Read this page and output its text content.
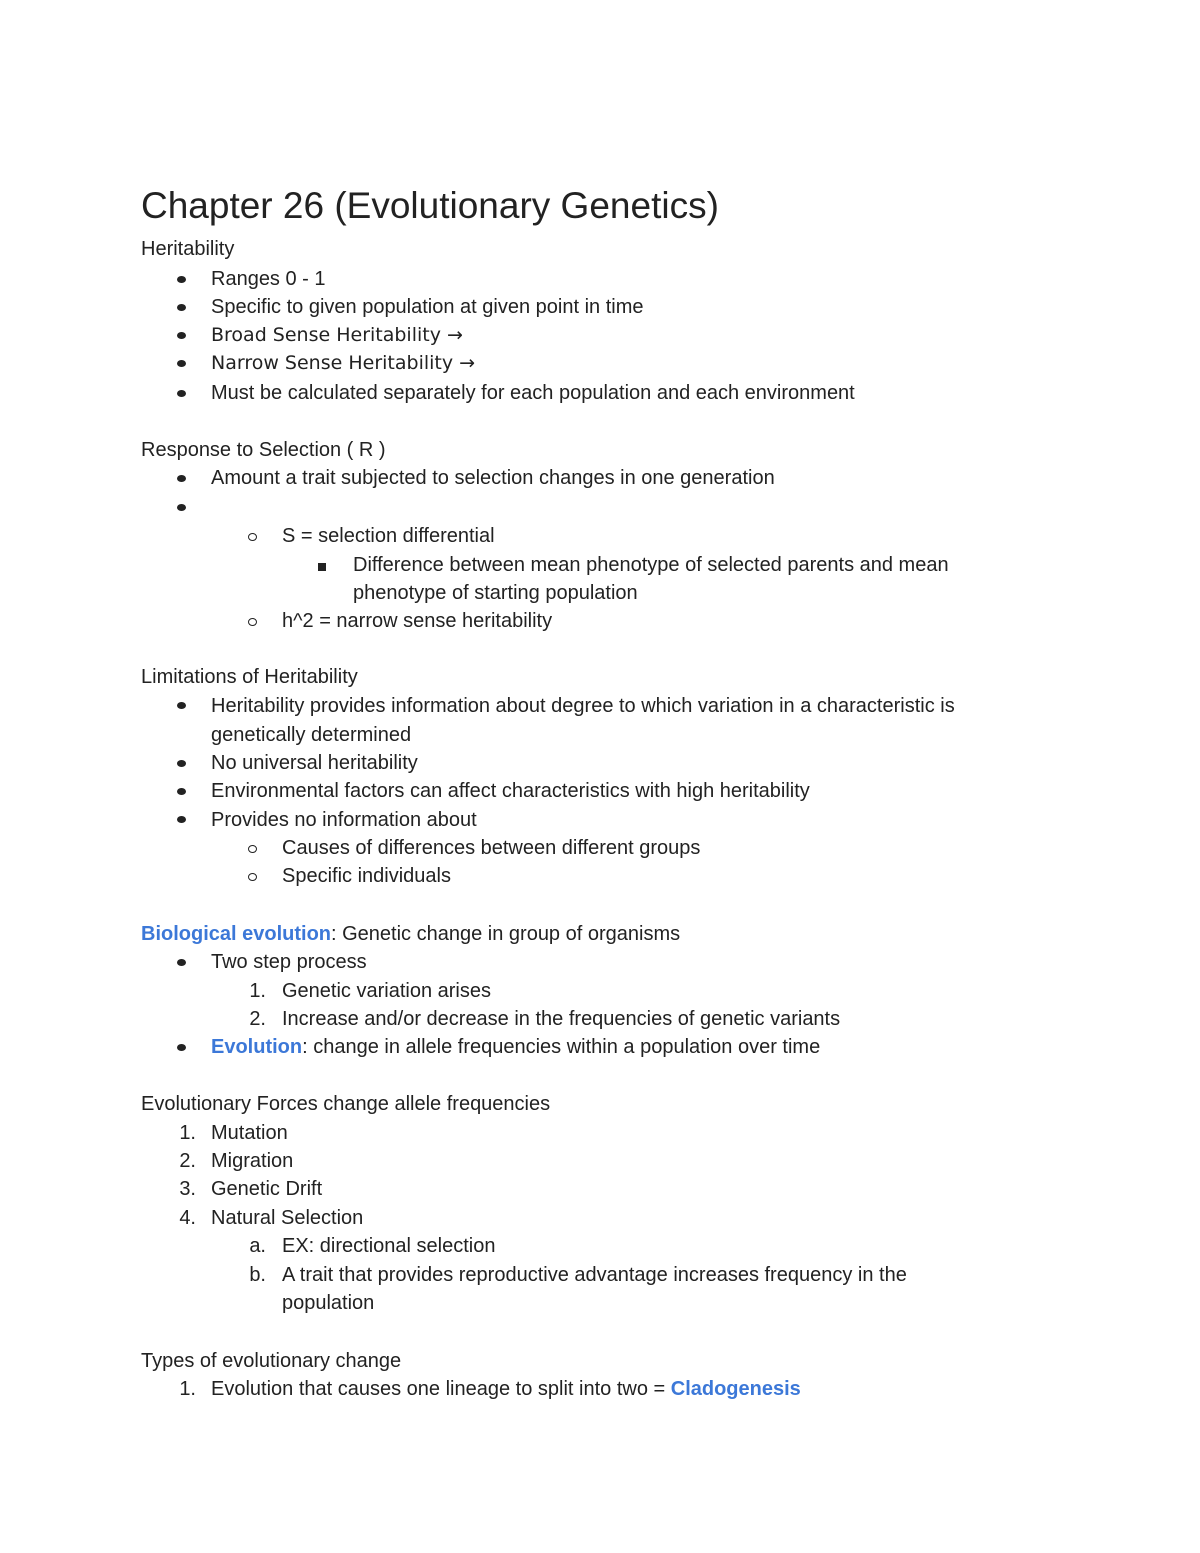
Chapter 26 (Evolutionary Genetics)
Heritability
Ranges 0 - 1
Specific to given population at given point in time
Broad Sense Heritability →
Narrow Sense Heritability →
Must be calculated separately for each population and each environment
Response to Selection ( R )
Amount a trait subjected to selection changes in one generation
S = selection differential
Difference between mean phenotype of selected parents and mean
phenotype of starting population
h^2 = narrow sense heritability
Limitations of Heritability
Heritability provides information about degree to which variation in a characteristic is
genetically determined
No universal heritability
Environmental factors can affect characteristics with high heritability
Provides no information about
Causes of differences between different groups
Specific individuals
Biological evolution: Genetic change in group of organisms
Two step process
1. Genetic variation arises
2. Increase and/or decrease in the frequencies of genetic variants
Evolution: change in allele frequencies within a population over time
Evolutionary Forces change allele frequencies
1. Mutation
2. Migration
3. Genetic Drift
4. Natural Selection
a. EX: directional selection
b. A trait that provides reproductive advantage increases frequency in the
population
Types of evolutionary change
1. Evolution that causes one lineage to split into two = Cladogenesis
